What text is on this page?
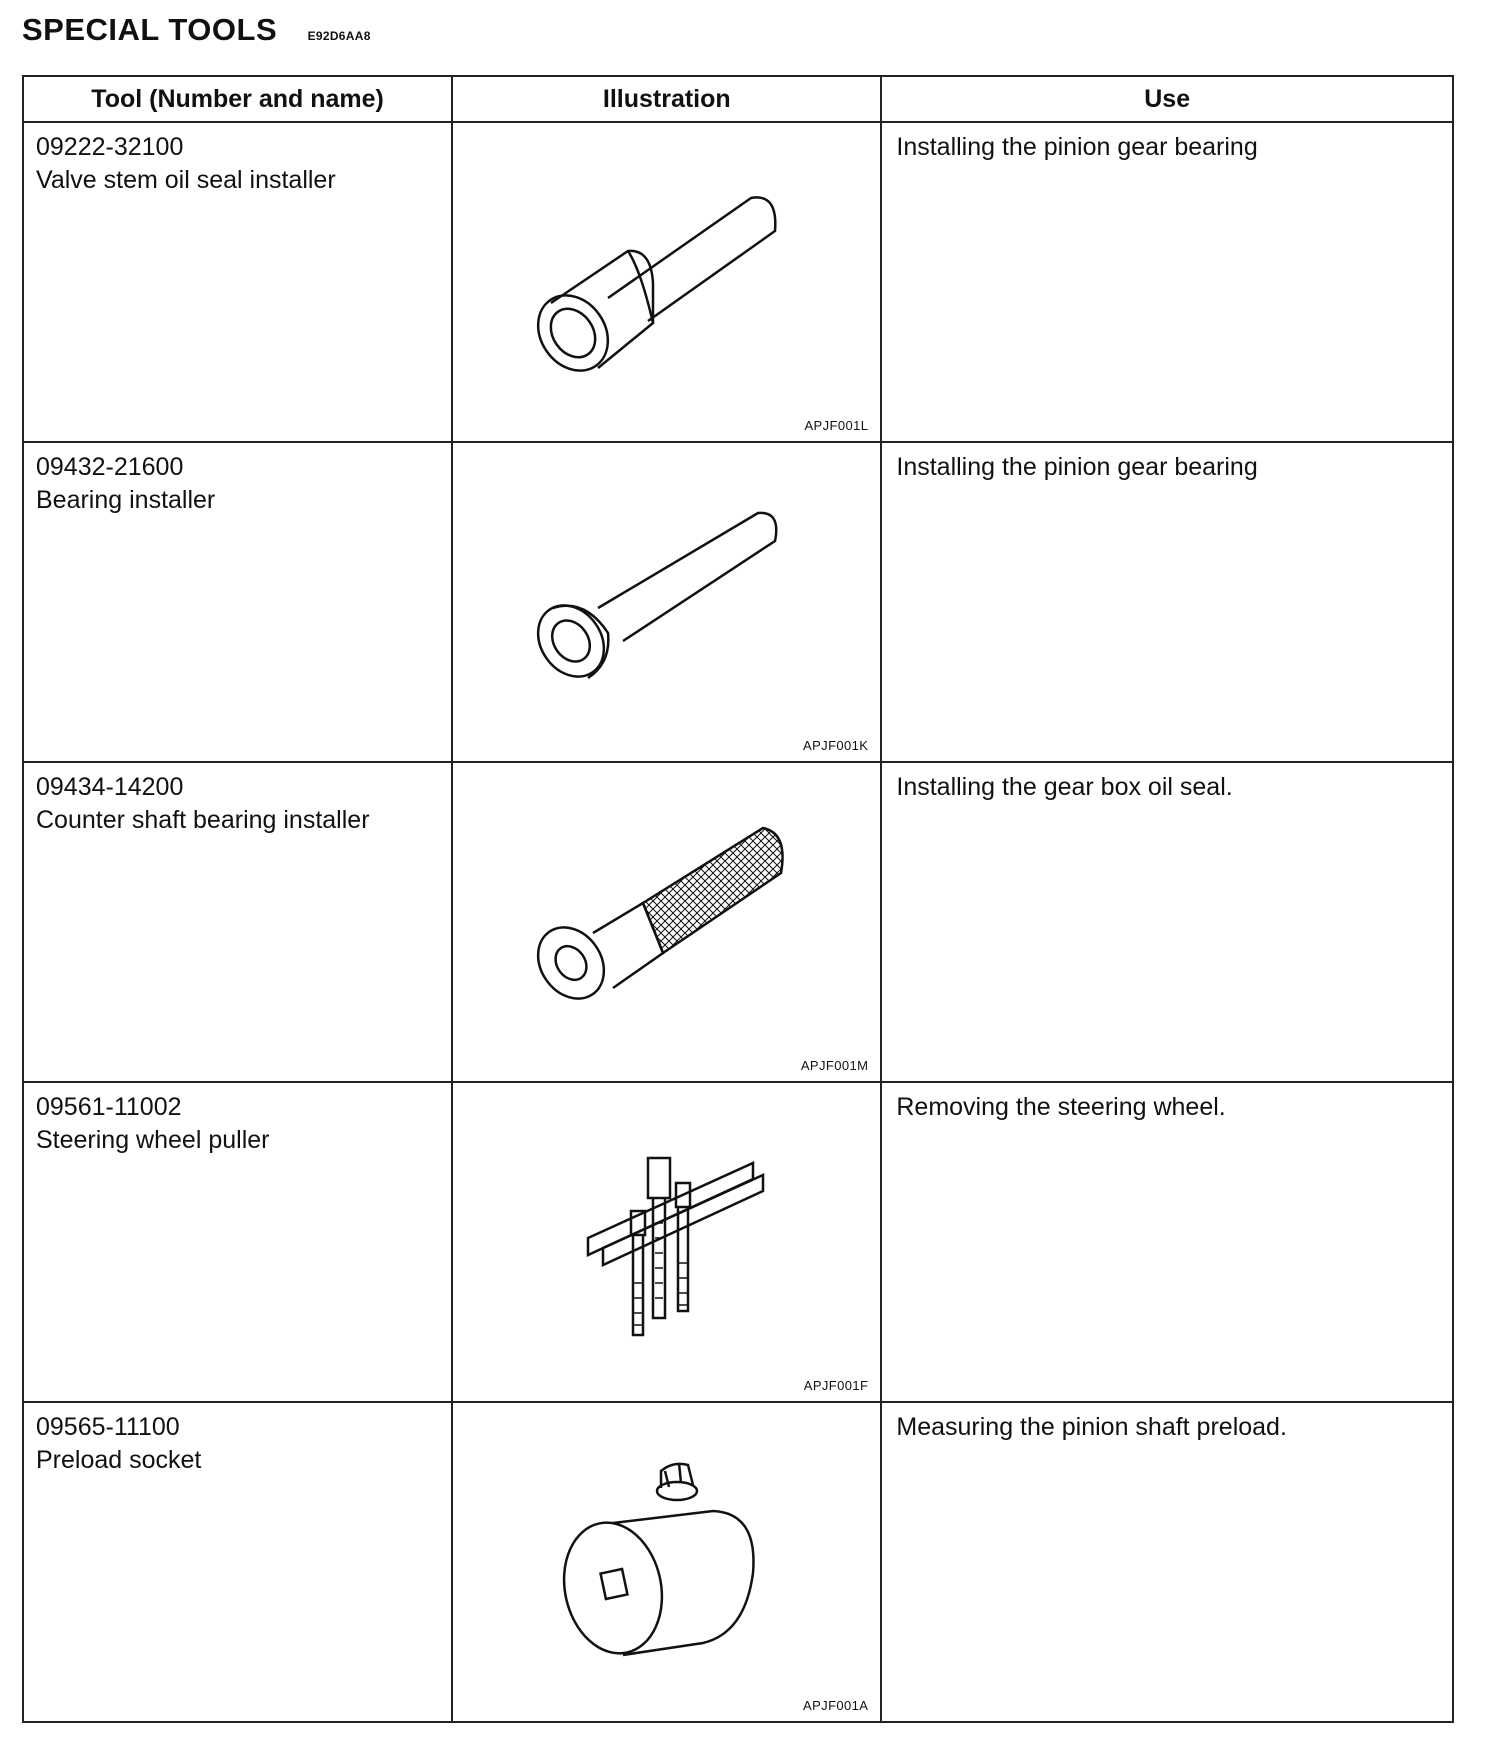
SPECIAL TOOLS	E92D6AA8
Tool (Number and name)	Illustration	Use

09222-32100
Valve stem oil seal installer	APJF001L	Installing the pinion gear bearing

09432-21600
Bearing installer	APJF001K	Installing the pinion gear bearing

09434-14200
Counter shaft bearing installer	APJF001M	Installing the gear box oil seal.

09561-11002
Steering wheel puller	APJF001F	Removing the steering wheel.

09565-11100
Preload socket	APJF001A	Measuring the pinion shaft preload.
